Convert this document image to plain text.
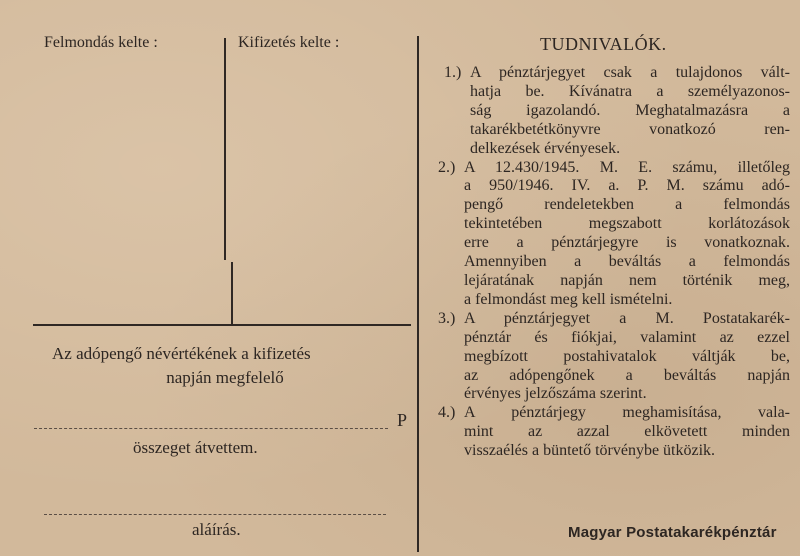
Felmondás kelte :	Kifizetés kelte :
Az adópengő névértékének a kifizetés
napján megfelelő
P
összeget átvettem.
aláírás.
TUDNIVALÓK.
1.) A pénztárjegyet csak a tulajdonos vált-
hatja be. Kívánatra a személyazonos-
ság igazolandó. Meghatalmazásra a
takarékbetétkönyvre vonatkozó ren-
delkezések érvényesek.
2.) A 12.430/1945. M. E. számu, illetőleg
a 950/1946. IV. a. P. M. számu adó-
pengő rendeletekben a felmondás
tekintetében megszabott korlátozások
erre a pénztárjegyre is vonatkoznak.
Amennyiben a beváltás a felmondás
lejáratának napján nem történik meg,
a felmondást meg kell ismételni.
3.) A pénztárjegyet a M. Postatakarék-
pénztár és fiókjai, valamint az ezzel
megbízott postahivatalok váltják be,
az adópengőnek a beváltás napján
érvényes jelzőszáma szerint.
4.) A pénztárjegy meghamisítása, vala-
mint az azzal elkövetett minden
visszaélés a büntető törvénybe ütközik.
Magyar Postatakarékpénztár
